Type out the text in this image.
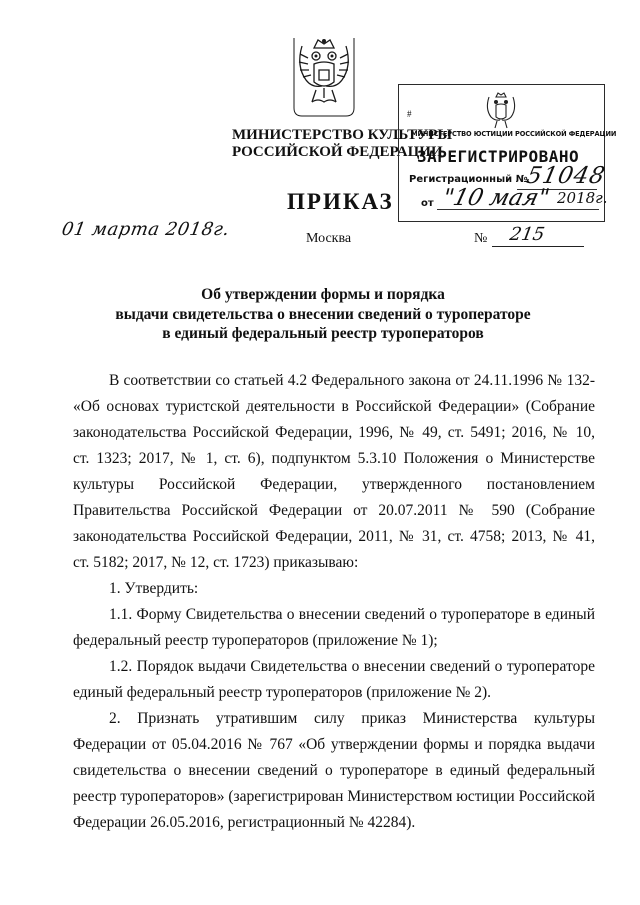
МИНИСТЕРСТВО КУЛЬТУРЫ
РОССИЙСКОЙ ФЕДЕРАЦИИ
#
МИНИСТЕРСТВО ЮСТИЦИИ РОССИЙСКОЙ ФЕДЕРАЦИИ
ЗАРЕГИСТРИРОВАНО
Регистрационный №
51048
от "10 мая" 2018г.
ПРИКАЗ
01 марта 2018г.	Москва	№ 215
Об утверждении формы и порядка
выдачи свидетельства о внесении сведений о туроператоре
в единый федеральный реестр туроператоров
В соответствии со статьей 4.2 Федерального закона от 24.11.1996 № 132-
«Об основах туристской деятельности в Российской Федерации» (Собрание
законодательства Российской Федерации, 1996, № 49, ст. 5491; 2016, № 10,
ст. 1323; 2017, № 1, ст. 6), подпунктом 5.3.10 Положения о Министерстве
культуры Российской Федерации, утвержденного постановлением
Правительства Российской Федерации от 20.07.2011 № 590 (Собрание
законодательства Российской Федерации, 2011, № 31, ст. 4758; 2013, № 41,
ст. 5182; 2017, № 12, ст. 1723) приказываю:
1. Утвердить:
1.1. Форму Свидетельства о внесении сведений о туроператоре в единый
федеральный реестр туроператоров (приложение № 1);
1.2. Порядок выдачи Свидетельства о внесении сведений о туроператоре
единый федеральный реестр туроператоров (приложение № 2).
2. Признать утратившим силу приказ Министерства культуры
Федерации от 05.04.2016 № 767 «Об утверждении формы и порядка выдачи
свидетельства о внесении сведений о туроператоре в единый федеральный
реестр туроператоров» (зарегистрирован Министерством юстиции Российской
Федерации 26.05.2016, регистрационный № 42284).
